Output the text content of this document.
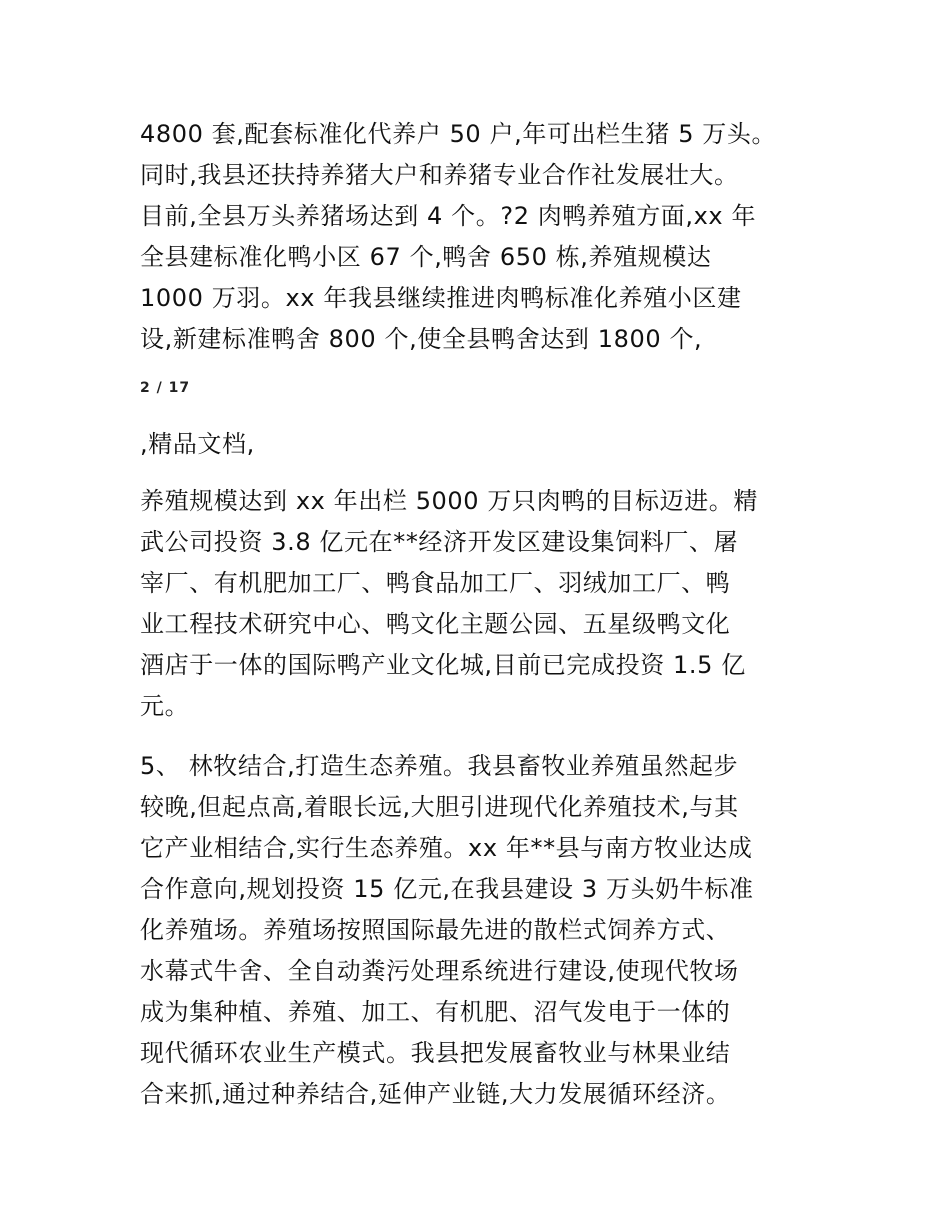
4800 套,配套标准化代养户 50 户,年可出栏生猪 5 万头。
同时,我县还扶持养猪大户和养猪专业合作社发展壮大。
目前,全县万头养猪场达到 4 个。?2 肉鸭养殖方面,xx 年
全县建标准化鸭小区 67 个,鸭舍 650 栋,养殖规模达
1000 万羽。xx 年我县继续推进肉鸭标准化养殖小区建
设,新建标准鸭舍 800 个,使全县鸭舍达到 1800 个,
2 / 17
,精品文档,
养殖规模达到 xx 年出栏 5000 万只肉鸭的目标迈进。精
武公司投资 3.8 亿元在**经济开发区建设集饲料厂、屠
宰厂、有机肥加工厂、鸭食品加工厂、羽绒加工厂、鸭
业工程技术研究中心、鸭文化主题公园、五星级鸭文化
酒店于一体的国际鸭产业文化城,目前已完成投资 1.5 亿
元。
5、 林牧结合,打造生态养殖。我县畜牧业养殖虽然起步
较晚,但起点高,着眼长远,大胆引进现代化养殖技术,与其
它产业相结合,实行生态养殖。xx 年**县与南方牧业达成
合作意向,规划投资 15 亿元,在我县建设 3 万头奶牛标准
化养殖场。养殖场按照国际最先进的散栏式饲养方式、
水幕式牛舍、全自动粪污处理系统进行建设,使现代牧场
成为集种植、养殖、加工、有机肥、沼气发电于一体的
现代循环农业生产模式。我县把发展畜牧业与林果业结
合来抓,通过种养结合,延伸产业链,大力发展循环经济。
